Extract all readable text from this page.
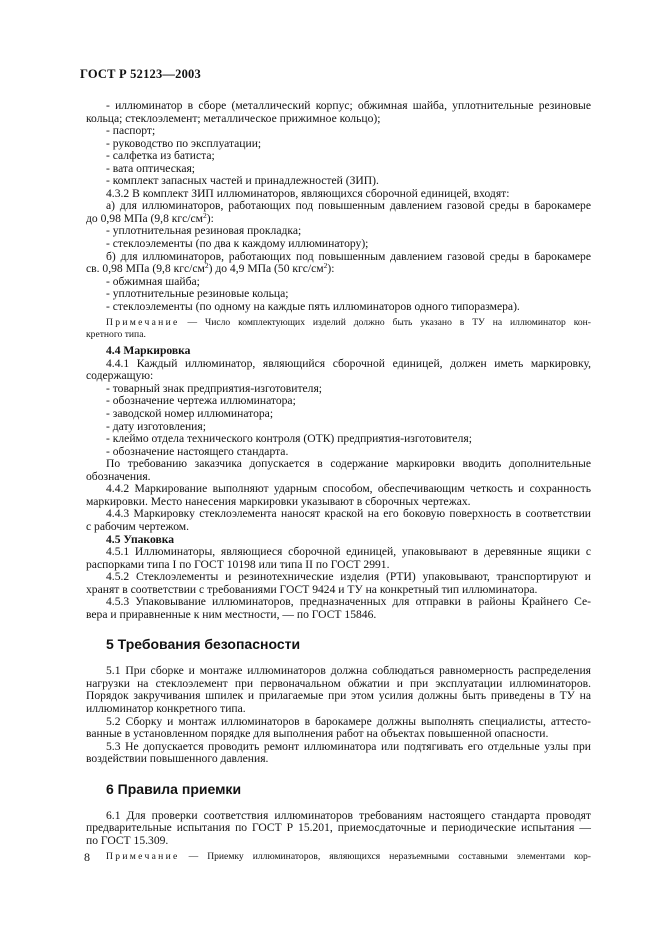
ГОСТ Р 52123—2003
- иллюминатор в сборе (металлический корпус; обжимная шайба, уплотнительные резиновые
кольца; стеклоэлемент; металлическое прижимное кольцо);
- паспорт;
- руководство по эксплуатации;
- салфетка из батиста;
- вата оптическая;
- комплект запасных частей и принадлежностей (ЗИП).
4.3.2 В комплект ЗИП иллюминаторов, являющихся сборочной единицей, входят:
а) для иллюминаторов, работающих под повышенным давлением газовой среды в барокамере
до 0,98 МПа (9,8 кгс/$см^2$):
- уплотнительная резиновая прокладка;
- стеклоэлементы (по два к каждому иллюминатору);
б) для иллюминаторов, работающих под повышенным давлением газовой среды в барокамере
св. 0,98 МПа (9,8 кгс/$см^2$) до 4,9 МПа (50 кгс/$см^2$):
- обжимная шайба;
- уплотнительные резиновые кольца;
- стеклоэлементы (по одному на каждые пять иллюминаторов одного типоразмера).
Примечание — Число комплектующих изделий должно быть указано в ТУ на иллюминатор кон-
кретного типа.
4.4 Маркировка
4.4.1 Каждый иллюминатор, являющийся сборочной единицей, должен иметь маркировку,
содержащую:
- товарный знак предприятия-изготовителя;
- обозначение чертежа иллюминатора;
- заводской номер иллюминатора;
- дату изготовления;
- клеймо отдела технического контроля (ОТК) предприятия-изготовителя;
- обозначение настоящего стандарта.
По требованию заказчика допускается в содержание маркировки вводить дополнительные
обозначения.
4.4.2 Маркирование выполняют ударным способом, обеспечивающим четкость и сохранность
маркировки. Место нанесения маркировки указывают в сборочных чертежах.
4.4.3 Маркировку стеклоэлемента наносят краской на его боковую поверхность в соответствии
с рабочим чертежом.
4.5 Упаковка
4.5.1 Иллюминаторы, являющиеся сборочной единицей, упаковывают в деревянные ящики с
распорками типа I по ГОСТ 10198 или типа II по ГОСТ 2991.
4.5.2 Стеклоэлементы и резинотехнические изделия (РТИ) упаковывают, транспортируют и
хранят в соответствии с требованиями ГОСТ 9424 и ТУ на конкретный тип иллюминатора.
4.5.3 Упаковывание иллюминаторов, предназначенных для отправки в районы Крайнего Се-
вера и приравненные к ним местности, — по ГОСТ 15846.
5 Требования безопасности
5.1 При сборке и монтаже иллюминаторов должна соблюдаться равномерность распределения
нагрузки на стеклоэлемент при первоначальном обжатии и при эксплуатации иллюминаторов.
Порядок закручивания шпилек и прилагаемые при этом усилия должны быть приведены в ТУ на
иллюминатор конкретного типа.
5.2 Сборку и монтаж иллюминаторов в барокамере должны выполнять специалисты, аттесто-
ванные в установленном порядке для выполнения работ на объектах повышенной опасности.
5.3 Не допускается проводить ремонт иллюминатора или подтягивать его отдельные узлы при
воздействии повышенного давления.
6 Правила приемки
6.1 Для проверки соответствия иллюминаторов требованиям настоящего стандарта проводят
предварительные испытания по ГОСТ Р 15.201, приемосдаточные и периодические испытания —
по ГОСТ 15.309.
Примечание — Приемку иллюминаторов, являющихся неразъемными составными элементами кор-
8
